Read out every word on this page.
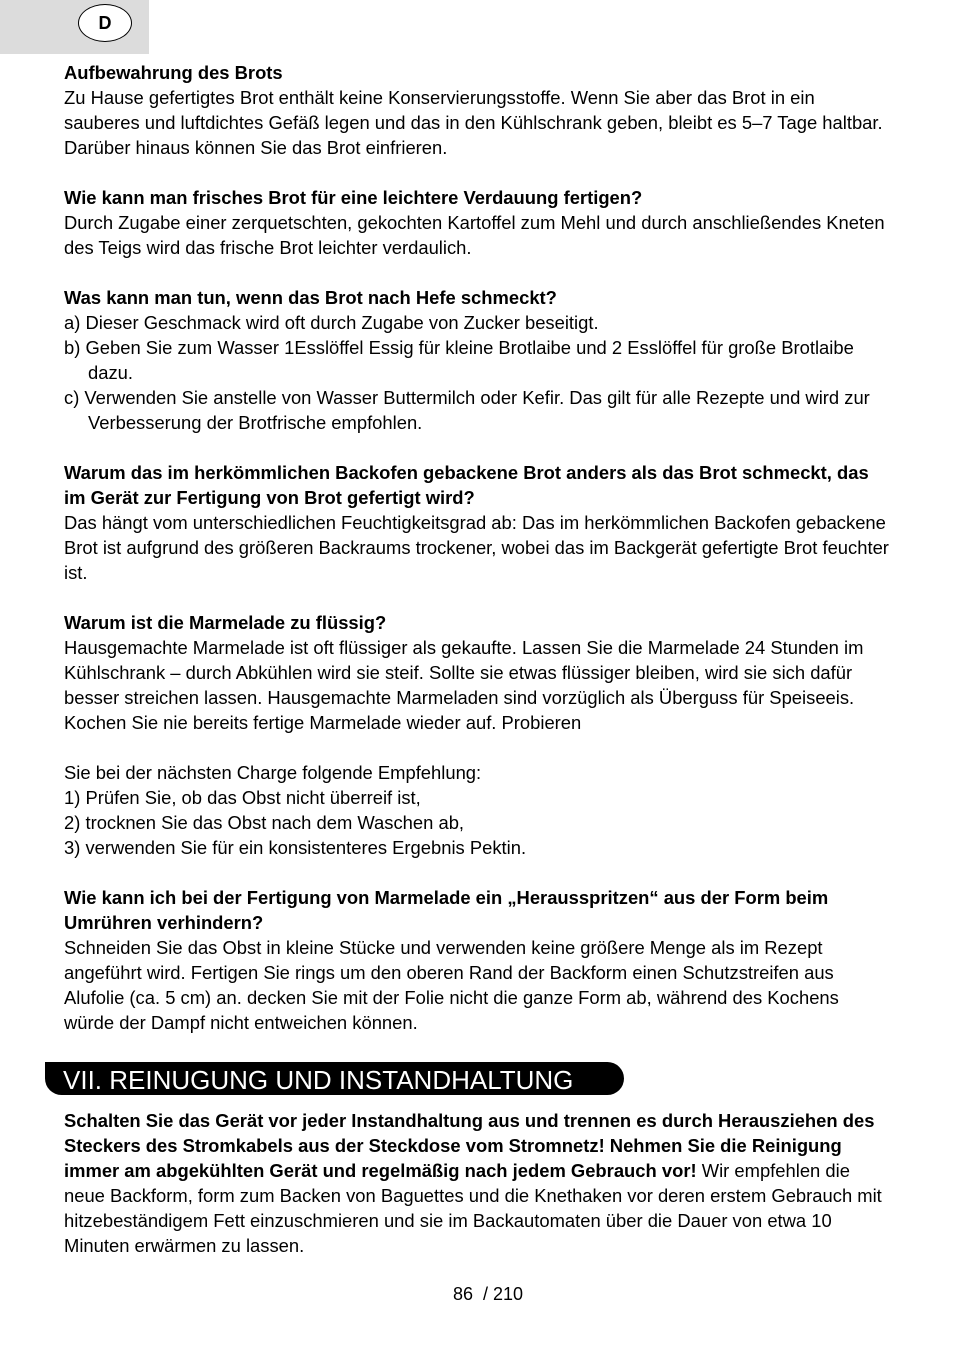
D

Aufbewahrung des Brots

Zu Hause gefertigtes Brot enthält keine Konservierungsstoffe. Wenn Sie aber das Brot in ein sauberes und luftdichtes Gefäß legen und das in den Kühlschrank geben, bleibt es 5–7 Tage haltbar. Darüber hinaus können Sie das Brot einfrieren.

Wie kann man frisches Brot für eine leichtere Verdauung fertigen?

Durch Zugabe einer zerquetschten, gekochten Kartoffel zum Mehl und durch anschließendes Kneten des Teigs wird das frische Brot leichter verdaulich.

Was kann man tun, wenn das Brot nach Hefe schmeckt?

a) Dieser Geschmack wird oft durch Zugabe von Zucker beseitigt.

b) Geben Sie zum Wasser 1Esslöffel Essig für kleine Brotlaibe und 2 Esslöffel für große Brotlaibe dazu.

c) Verwenden Sie anstelle von Wasser Buttermilch oder Kefir. Das gilt für alle Rezepte und wird zur Verbesserung der Brotfrische empfohlen.

Warum das im herkömmlichen Backofen gebackene Brot anders als das Brot schmeckt, das im Gerät zur Fertigung von Brot gefertigt wird?

Das hängt vom unterschiedlichen Feuchtigkeitsgrad ab: Das im herkömmlichen Backofen gebackene Brot ist aufgrund des größeren Backraums trockener, wobei das im Backgerät gefertigte Brot feuchter ist.

Warum ist die Marmelade zu flüssig?

Hausgemachte Marmelade ist oft flüssiger als gekaufte. Lassen Sie die Marmelade 24 Stunden im Kühlschrank – durch Abkühlen wird sie steif. Sollte sie etwas flüssiger bleiben, wird sie sich dafür besser streichen lassen. Hausgemachte Marmeladen sind vorzüglich als Überguss für Speiseeis. Kochen Sie nie bereits fertige Marmelade wieder auf. Probieren

Sie bei der nächsten Charge folgende Empfehlung:

1) Prüfen Sie, ob das Obst nicht überreif ist,

2) trocknen Sie das Obst nach dem Waschen ab,

3) verwenden Sie für ein konsistenteres Ergebnis Pektin.

Wie kann ich bei der Fertigung von Marmelade ein „Herausspritzen“ aus der Form beim Umrühren verhindern?

Schneiden Sie das Obst in kleine Stücke und verwenden keine größere Menge als im Rezept angeführt wird. Fertigen Sie rings um den oberen Rand der Backform einen Schutzstreifen aus Alufolie (ca. 5 cm) an. decken Sie mit der Folie nicht die ganze Form ab, während des Kochens würde der Dampf nicht entweichen können.

VII. REINUGUNG UND INSTANDHALTUNG

Schalten Sie das Gerät vor jeder Instandhaltung aus und trennen es durch Herausziehen des Steckers des Stromkabels aus der Steckdose vom Stromnetz! Nehmen Sie die Reinigung immer am abgekühlten Gerät und regelmäßig nach jedem Gebrauch vor! Wir empfehlen die neue Backform, form zum Backen von Baguettes und die Knethaken vor deren erstem Gebrauch mit hitzebeständigem Fett einzuschmieren und sie im Backautomaten über die Dauer von etwa 10 Minuten erwärmen zu lassen.

86 / 210
